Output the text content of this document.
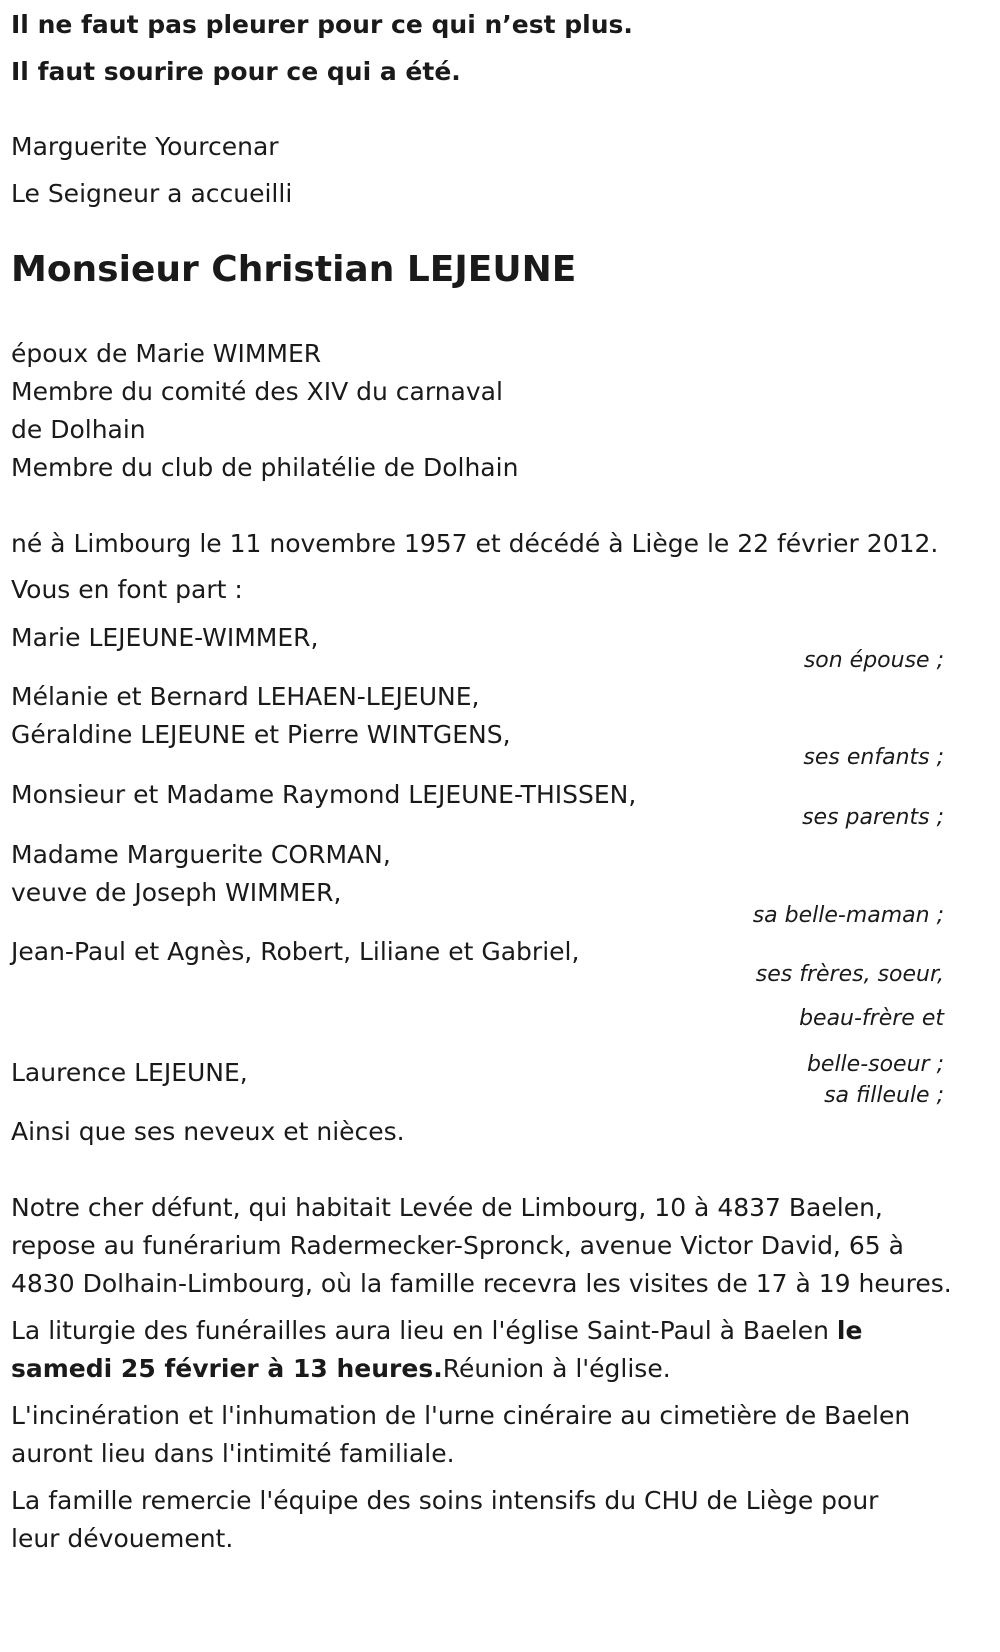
Il ne faut pas pleurer pour ce qui n’est plus.

Il faut sourire pour ce qui a été.

Marguerite Yourcenar

Le Seigneur a accueilli

Monsieur Christian LEJEUNE

époux de Marie WIMMER

Membre du comité des XIV du carnaval

de Dolhain

Membre du club de philatélie de Dolhain

né à Limbourg le 11 novembre 1957 et décédé à Liège le 22 février 2012.

Vous en font part :

Marie LEJEUNE-WIMMER,

son épouse ;

Mélanie et Bernard LEHAEN-LEJEUNE,

Géraldine LEJEUNE et Pierre WINTGENS,

ses enfants ;

Monsieur et Madame Raymond LEJEUNE-THISSEN,

ses parents ;

Madame Marguerite CORMAN,

veuve de Joseph WIMMER,

sa belle-maman ;

Jean-Paul et Agnès, Robert, Liliane et Gabriel,

ses frères, soeur,

beau-frère et

belle-soeur ;

Laurence LEJEUNE,

sa filleule ;

Ainsi que ses neveux et nièces.

Notre cher défunt, qui habitait Levée de Limbourg, 10 à 4837 Baelen,

repose au funérarium Radermecker-Spronck, avenue Victor David, 65 à

4830 Dolhain-Limbourg, où la famille recevra les visites de 17 à 19 heures.

La liturgie des funérailles aura lieu en l'église Saint-Paul à Baelen le

samedi 25 février à 13 heures.Réunion à l'église.

L'incinération et l'inhumation de l'urne cinéraire au cimetière de Baelen

auront lieu dans l'intimité familiale.

La famille remercie l'équipe des soins intensifs du CHU de Liège pour

leur dévouement.
